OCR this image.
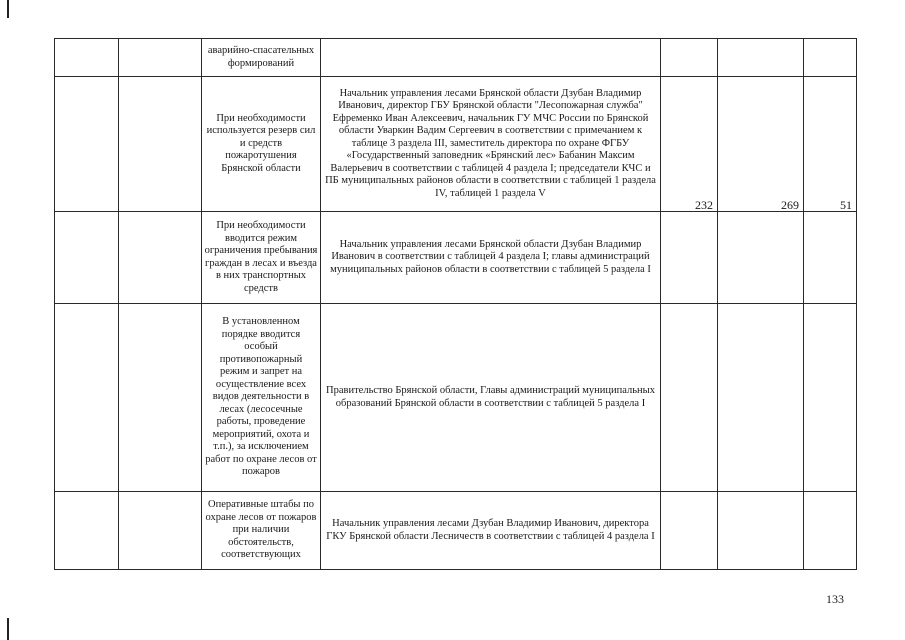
		аварийно-спасательных формирований				
		При необходимости используется резерв сил и средств пожаротушения Брянской области	Начальник управления лесами Брянской области Дзубан Владимир Иванович, директор ГБУ Брянской области "Лесопожарная служба" Ефременко Иван Алексеевич, начальник ГУ МЧС России по Брянской области Уваркин Вадим Сергеевич в соответствии с примечанием к таблице 3 раздела III, заместитель директора по охране ФГБУ «Государственный заповедник «Брянский лес» Бабанин Максим Валерьевич в соответствии с таблицей 4 раздела I; председатели КЧС и ПБ муниципальных районов области в соответствии с таблицей 1 раздела IV, таблицей 1 раздела V	232	269	51
		При необходимости вводится режим ограничения пребывания граждан в лесах и въезда в них транспортных средств	Начальник управления лесами Брянской области Дзубан Владимир Иванович в соответствии с таблицей 4 раздела I; главы администраций муниципальных районов области в соответствии с таблицей 5 раздела I			
		В установленном порядке вводится особый противопожарный режим и запрет на осуществление всех видов деятельности в лесах (лесосечные работы, проведение мероприятий, охота и т.п.), за исключением работ по охране лесов от пожаров	Правительство Брянской области, Главы администраций муниципальных образований Брянской области в соответствии с таблицей 5 раздела I			
		Оперативные штабы по охране лесов от пожаров при наличии обстоятельств, соответствующих	Начальник управления лесами Дзубан Владимир Иванович, директора ГКУ Брянской области Лесничеств в соответствии с таблицей 4 раздела I			
133
